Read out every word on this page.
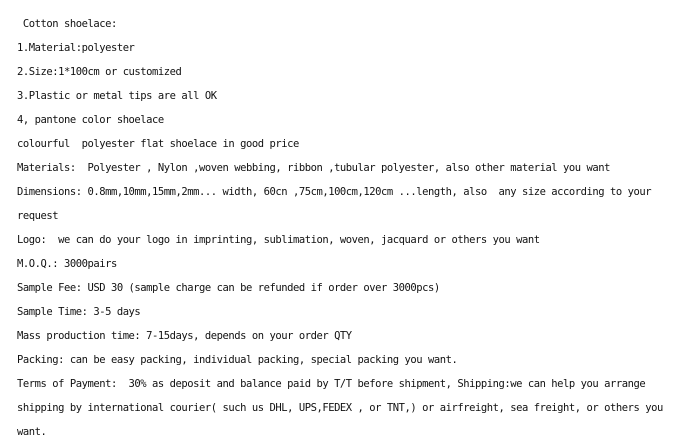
Cotton shoelace:
1.Material:polyester
2.Size:1*100cm or customized
3.Plastic or metal tips are all OK
4, pantone color shoelace
colourful  polyester flat shoelace in good price
Materials:  Polyester , Nylon ,woven webbing, ribbon ,tubular polyester, also other material you want
Dimensions: 0.8mm,10mm,15mm,2mm... width, 60cn ,75cm,100cm,120cm ...length, also  any size according to your
request
Logo:  we can do your logo in imprinting, sublimation, woven, jacquard or others you want
M.O.Q.: 3000pairs
Sample Fee: USD 30 (sample charge can be refunded if order over 3000pcs)
Sample Time: 3-5 days
Mass production time: 7-15days, depends on your order QTY
Packing: can be easy packing, individual packing, special packing you want.
Terms of Payment:  30% as deposit and balance paid by T/T before shipment, Shipping:we can help you arrange
shipping by international courier( such us DHL, UPS,FEDEX , or TNT,) or airfreight, sea freight, or others you
want.
